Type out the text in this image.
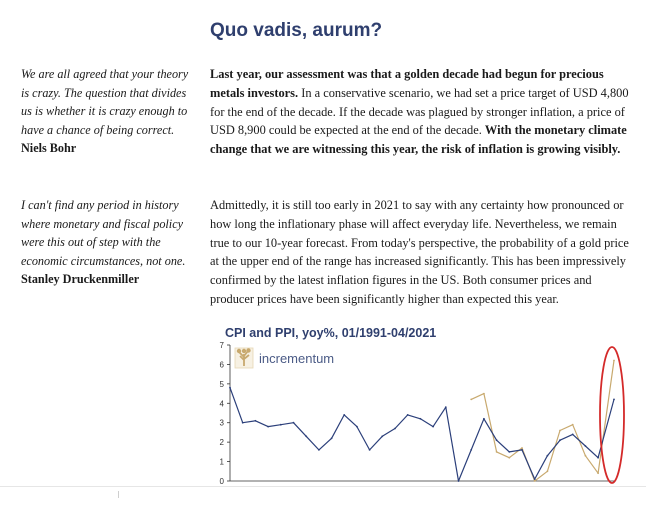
Quo vadis, aurum?
We are all agreed that your theory is crazy. The question that divides us is whether it is crazy enough to have a chance of being correct.
Niels Bohr
I can't find any period in history where monetary and fiscal policy were this out of step with the economic circumstances, not one.
Stanley Druckenmiller

Last year, our assessment was that a golden decade had begun for precious metals investors. In a conservative scenario, we had set a price target of USD 4,800 for the end of the decade. If the decade was plagued by stronger inflation, a price of USD 8,900 could be expected at the end of the decade. With the monetary climate change that we are witnessing this year, the risk of inflation is growing visibly.

Admittedly, it is still too early in 2021 to say with any certainty how pronounced or how long the inflationary phase will affect everyday life. Nevertheless, we remain true to our 10-year forecast. From today's perspective, the probability of a gold price at the upper end of the range has increased significantly. This has been impressively confirmed by the latest inflation figures in the US. Both consumer prices and producer prices have been significantly higher than expected this year.

CPI and PPI, yoy%, 01/1991-04/2021
0
1
2
3
4
5
6
7
incrementum
